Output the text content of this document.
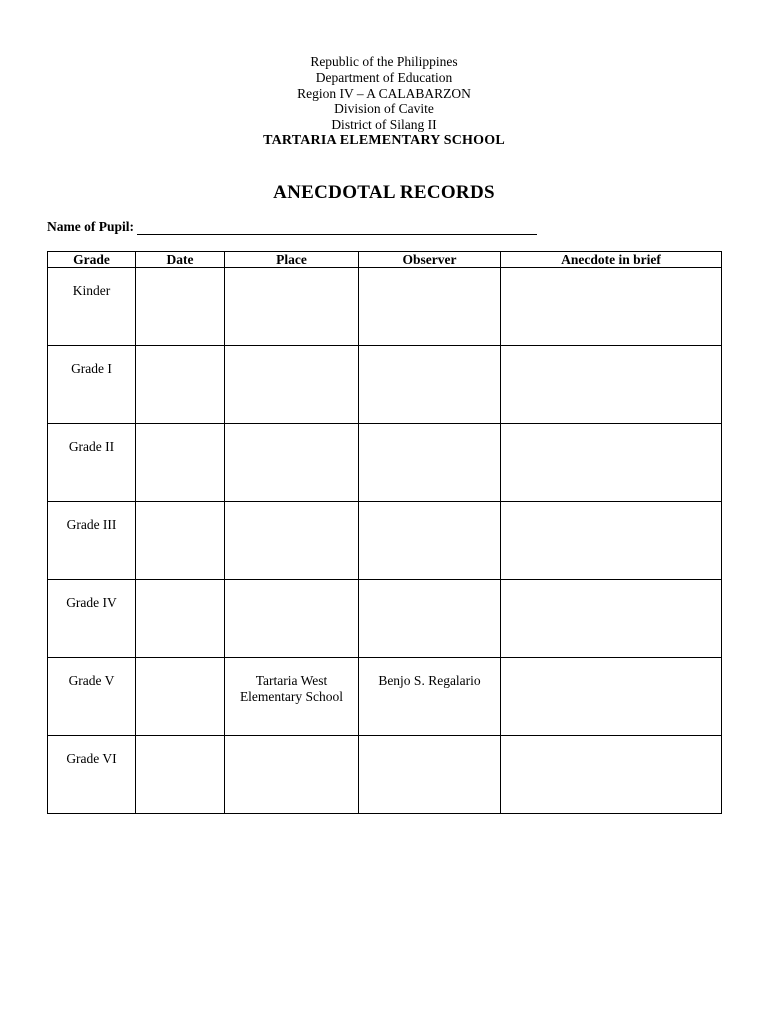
Republic of the Philippines
Department of Education
Region IV – A CALABARZON
Division of Cavite
District of Silang II
TARTARIA ELEMENTARY SCHOOL
ANECDOTAL RECORDS
Name of Pupil:
Grade	Date	Place	Observer	Anecdote in brief
Kinder				
Grade I				
Grade II				
Grade III				
Grade IV				
Grade V		Tartaria West Elementary School	Benjo S. Regalario	
Grade VI				
